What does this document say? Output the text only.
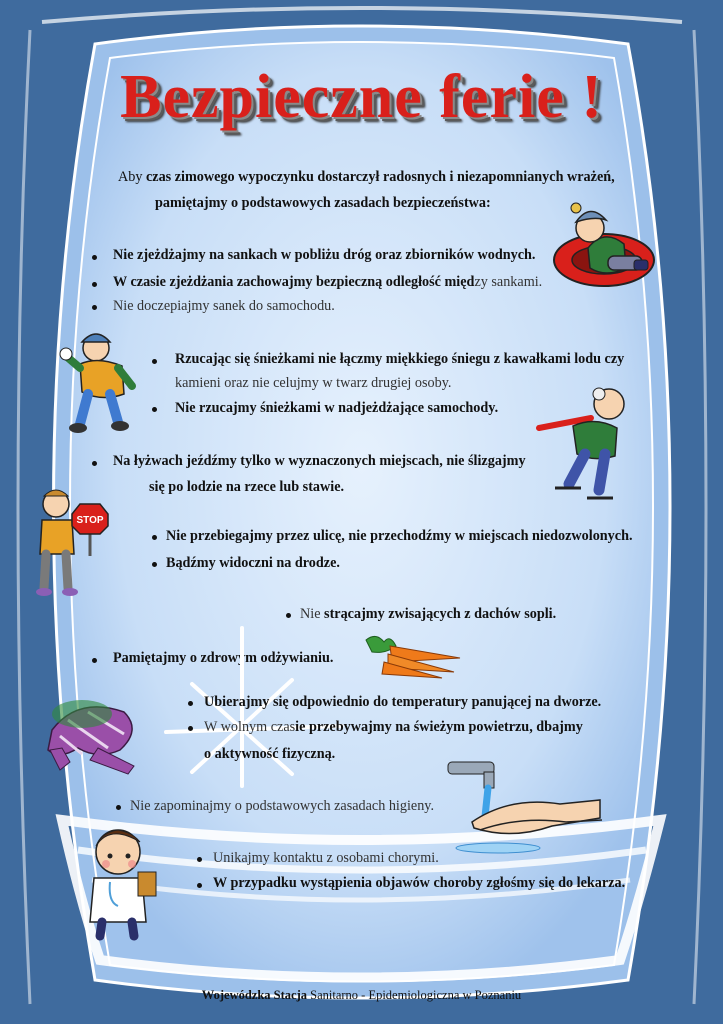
Bezpieczne ferie !
Aby czas zimowego wypoczynku dostarczył radosnych i niezapomnianych wrażeń,
pamiętajmy o podstawowych zasadach bezpieczeństwa:
Nie zjeżdżajmy na sankach w pobliżu dróg oraz zbiorników wodnych.
W czasie zjeżdżania zachowajmy bezpieczną odległość między sankami.
Nie doczepiajmy sanek do samochodu.
Rzucając się śnieżkami nie łączmy miękkiego śniegu z kawałkami lodu czy
kamieni oraz nie celujmy w twarz drugiej osoby.
Nie rzucajmy śnieżkami w nadjeżdżające samochody.
Na łyżwach jeźdźmy tylko w wyznaczonych miejscach, nie ślizgajmy
się po lodzie na rzece lub stawie.
STOP
Nie przebiegajmy przez ulicę, nie przechodźmy w miejscach niedozwolonych.
Bądźmy widoczni na drodze.
Nie strącajmy zwisających z dachów sopli.
Pamiętajmy o zdrowym odżywianiu.
Ubierajmy się odpowiednio do temperatury panującej na dworze.
W wolnym czasie przebywajmy na świeżym powietrzu, dbajmy
o aktywność fizyczną.
Nie zapominajmy o podstawowych zasadach higieny.
Unikajmy kontaktu z osobami chorymi.
W przypadku wystąpienia objawów choroby zgłośmy się do lekarza.
Wojewódzka Stacja Sanitarno - Epidemiologiczna w Poznaniu
